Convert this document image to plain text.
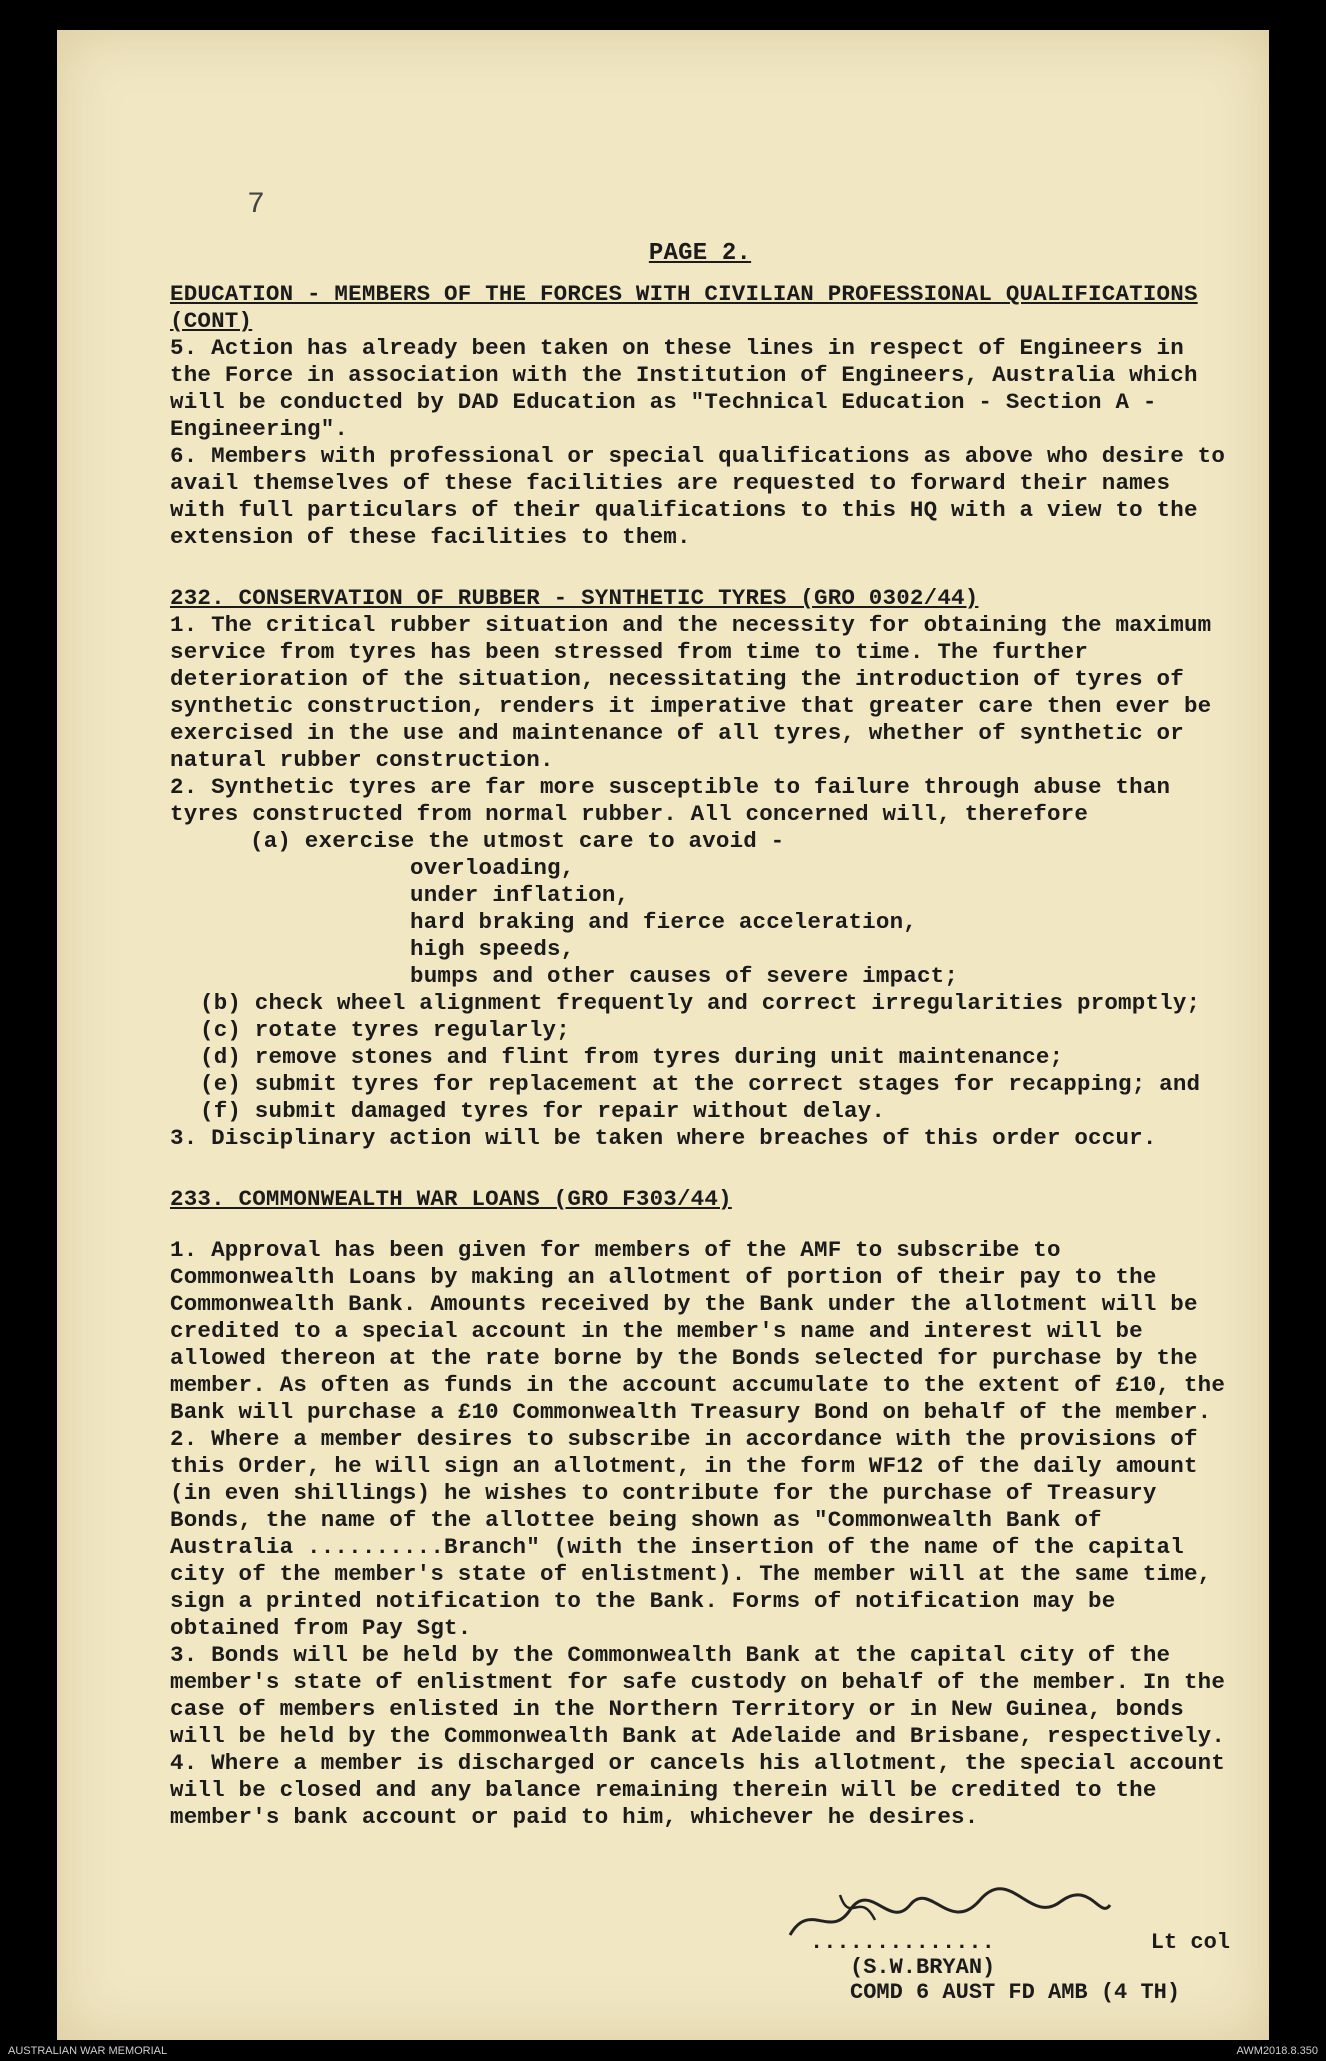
7

PAGE 2.

EDUCATION - MEMBERS OF THE FORCES WITH CIVILIAN PROFESSIONAL QUALIFICATIONS (CONT)

5. Action has already been taken on these lines in respect of Engineers in the Force in association with the Institution of Engineers, Australia which will be conducted by DAD Education as "Technical Education - Section A - Engineering".

6. Members with professional or special qualifications as above who desire to avail themselves of these facilities are requested to forward their names with full particulars of their qualifications to this HQ with a view to the extension of these facilities to them.

232. CONSERVATION OF RUBBER - SYNTHETIC TYRES (GRO 0302/44)

1. The critical rubber situation and the necessity for obtaining the maximum service from tyres has been stressed from time to time. The further deterioration of the situation, necessitating the introduction of tyres of synthetic construction, renders it imperative that greater care then ever be exercised in the use and maintenance of all tyres, whether of synthetic or natural rubber construction.

2. Synthetic tyres are far more susceptible to failure through abuse than tyres constructed from normal rubber. All concerned will, therefore

(a) exercise the utmost care to avoid -

overloading,

under inflation,

hard braking and fierce acceleration,

high speeds,

bumps and other causes of severe impact;

(b) check wheel alignment frequently and correct irregularities promptly;

(c) rotate tyres regularly;

(d) remove stones and flint from tyres during unit maintenance;

(e) submit tyres for replacement at the correct stages for recapping; and

(f) submit damaged tyres for repair without delay.

3. Disciplinary action will be taken where breaches of this order occur.

233. COMMONWEALTH WAR LOANS (GRO F303/44)

1. Approval has been given for members of the AMF to subscribe to Commonwealth Loans by making an allotment of portion of their pay to the Commonwealth Bank. Amounts received by the Bank under the allotment will be credited to a special account in the member's name and interest will be allowed thereon at the rate borne by the Bonds selected for purchase by the member. As often as funds in the account accumulate to the extent of £10, the Bank will purchase a £10 Commonwealth Treasury Bond on behalf of the member.

2. Where a member desires to subscribe in accordance with the provisions of this Order, he will sign an allotment, in the form WF12 of the daily amount (in even shillings) he wishes to contribute for the purchase of Treasury Bonds, the name of the allottee being shown as "Commonwealth Bank of Australia ..........Branch" (with the insertion of the name of the capital city of the member's state of enlistment). The member will at the same time, sign a printed notification to the Bank. Forms of notification may be obtained from Pay Sgt.

3. Bonds will be held by the Commonwealth Bank at the capital city of the member's state of enlistment for safe custody on behalf of the member. In the case of members enlisted in the Northern Territory or in New Guinea, bonds will be held by the Commonwealth Bank at Adelaide and Brisbane, respectively.

4. Where a member is discharged or cancels his allotment, the special account will be closed and any balance remaining therein will be credited to the member's bank account or paid to him, whichever he desires.

..............	Lt col
(S.W.BRYAN)
COMD 6 AUST FD AMB (4 TH)
AUSTRALIAN WAR MEMORIAL	AWM2018.8.350
